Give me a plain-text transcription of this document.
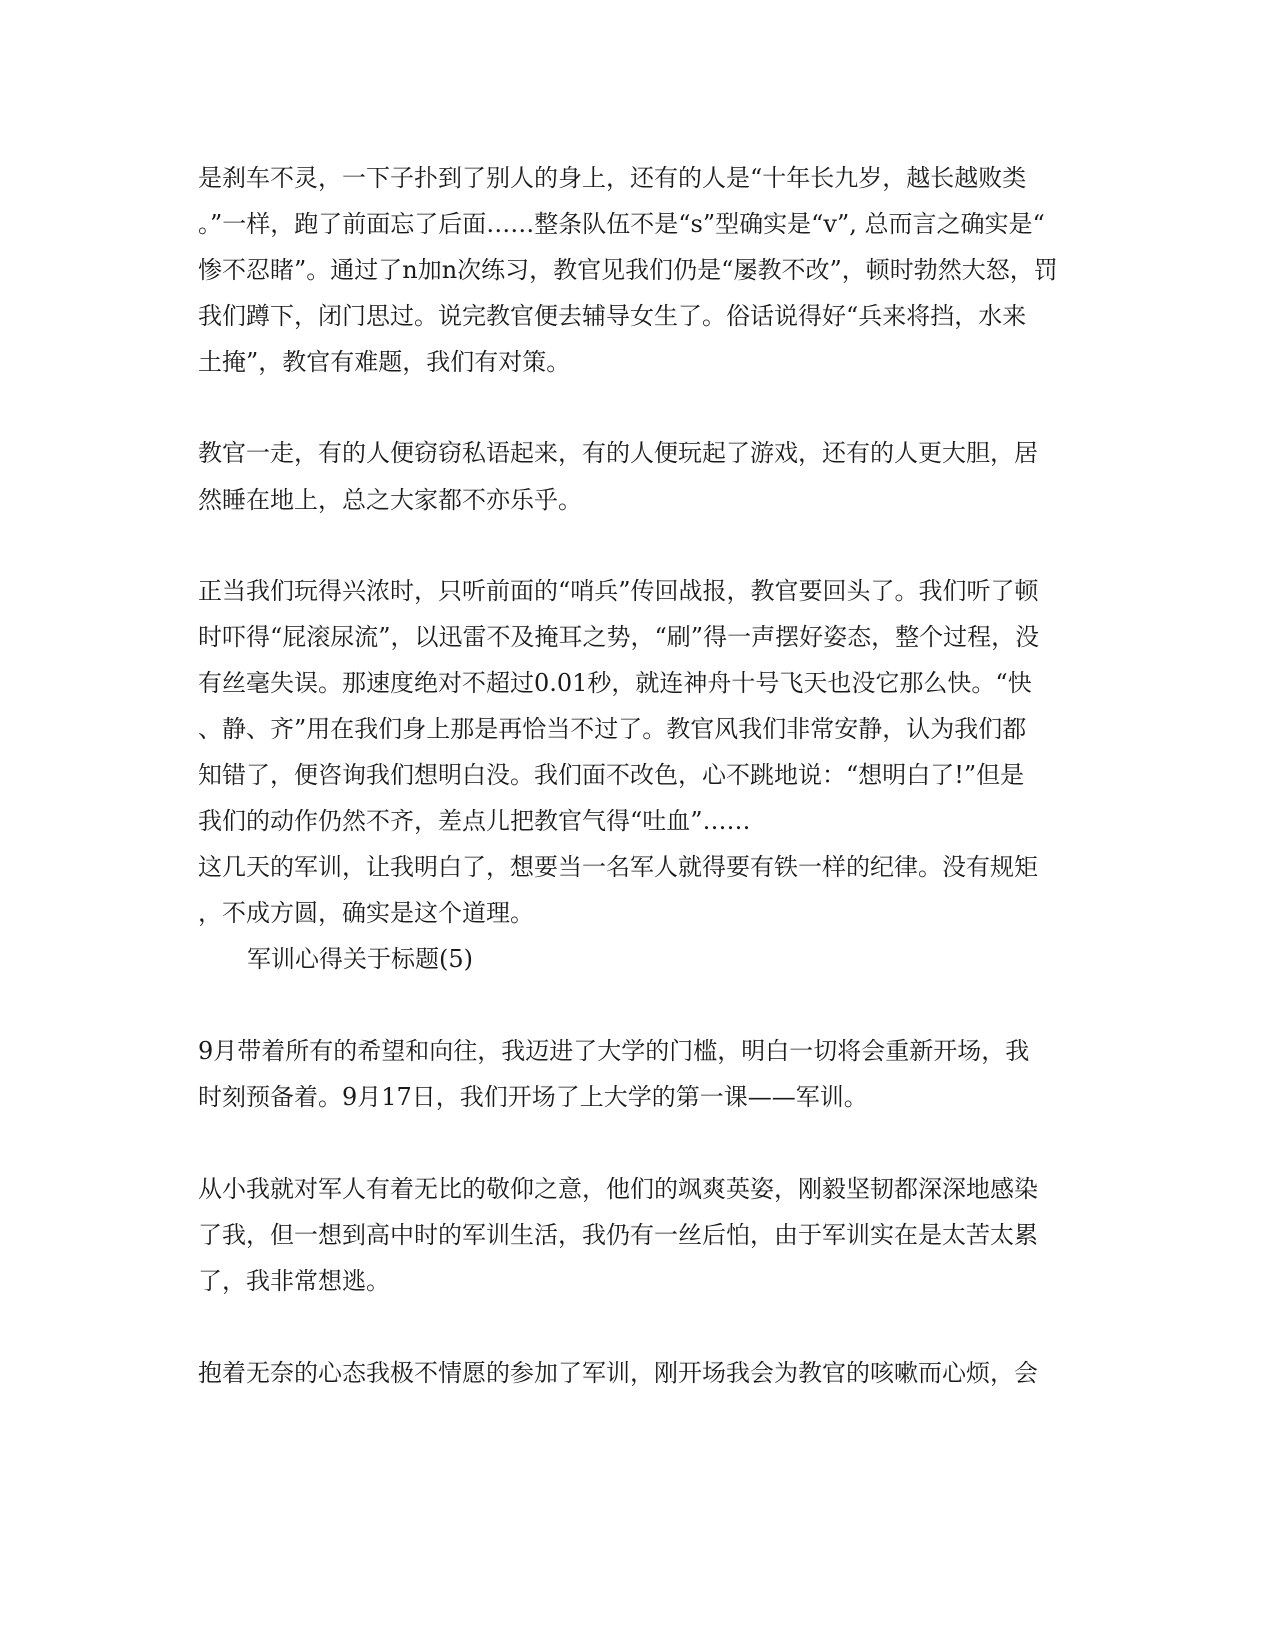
是刹车不灵，一下子扑到了别人的身上，还有的人是“十年长九岁，越长越败类
。”一样，跑了前面忘了后面……整条队伍不是“s”型确实是“v”, 总而言之确实是“
惨不忍睹”。通过了n加n次练习，教官见我们仍是“屡教不改”，顿时勃然大怒，罚
我们蹲下，闭门思过。说完教官便去辅导女生了。俗话说得好“兵来将挡，水来
土掩”，教官有难题，我们有对策。
教官一走，有的人便窃窃私语起来，有的人便玩起了游戏，还有的人更大胆，居
然睡在地上，总之大家都不亦乐乎。
正当我们玩得兴浓时，只听前面的“哨兵”传回战报，教官要回头了。我们听了顿
时吓得“屁滚尿流”，以迅雷不及掩耳之势，“刷”得一声摆好姿态，整个过程，没
有丝毫失误。那速度绝对不超过0.01秒，就连神舟十号飞天也没它那么快。“快
、静、齐”用在我们身上那是再恰当不过了。教官风我们非常安静，认为我们都
知错了，便咨询我们想明白没。我们面不改色，心不跳地说：“想明白了!”但是
我们的动作仍然不齐，差点儿把教官气得“吐血”……
这几天的军训，让我明白了，想要当一名军人就得要有铁一样的纪律。没有规矩
，不成方圆，确实是这个道理。
军训心得关于标题(5)
9月带着所有的希望和向往，我迈进了大学的门槛，明白一切将会重新开场，我
时刻预备着。9月17日，我们开场了上大学的第一课——军训。
从小我就对军人有着无比的敬仰之意，他们的飒爽英姿，刚毅坚韧都深深地感染
了我，但一想到高中时的军训生活，我仍有一丝后怕，由于军训实在是太苦太累
了，我非常想逃。
抱着无奈的心态我极不情愿的参加了军训，刚开场我会为教官的咳嗽而心烦，会
